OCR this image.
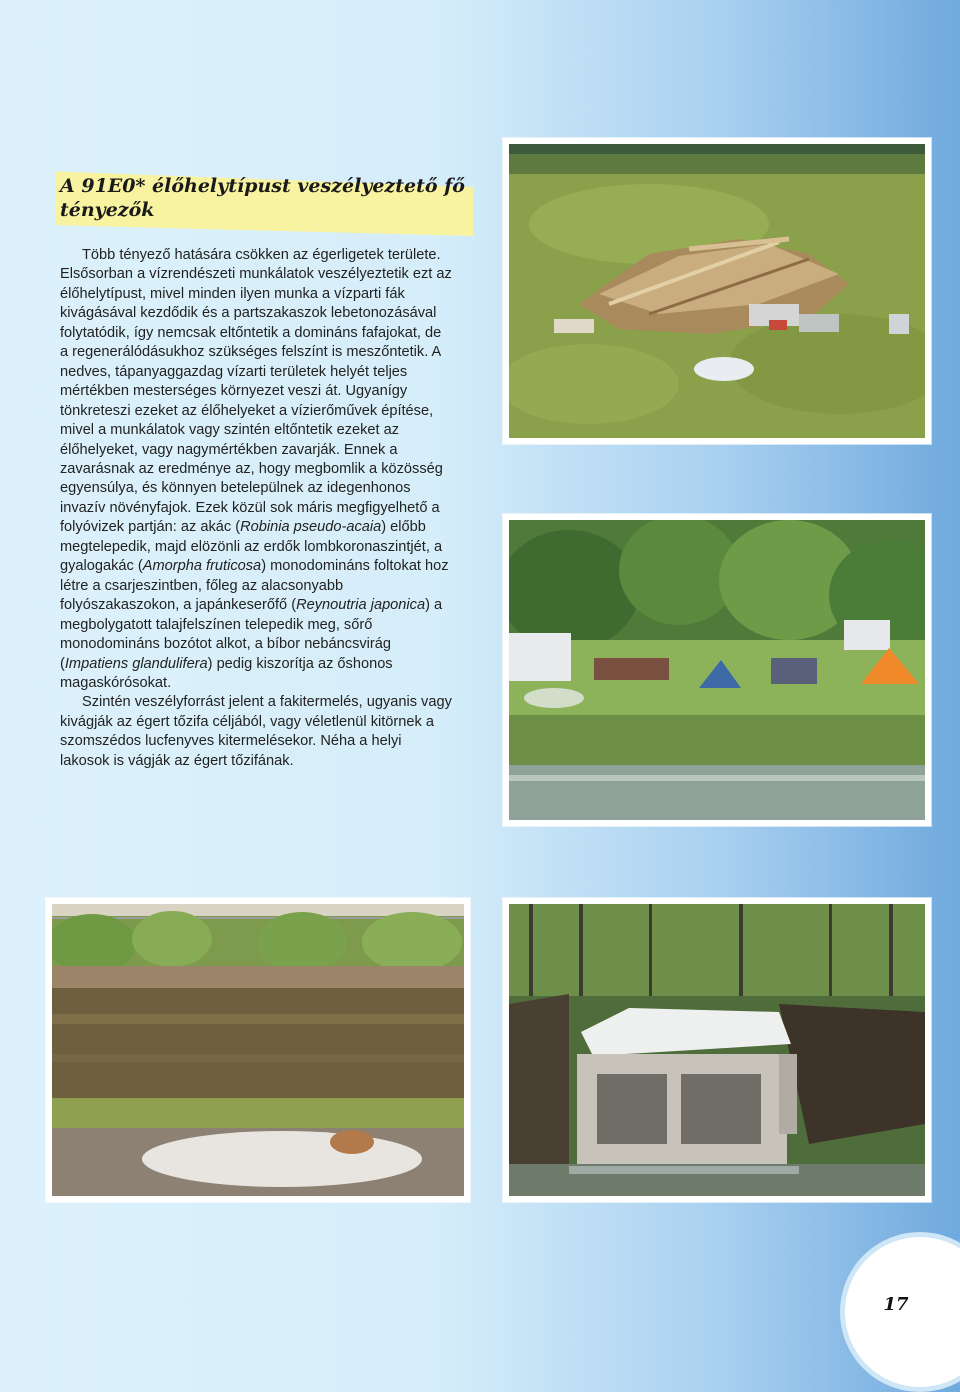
A 91E0* élőhelytípust veszélyeztető fő
tényezők

Több tényező hatására csökken az égerligetek területe. Elsősorban a vízrendészeti munkálatok veszélyeztetik ezt az élőhelytípust, mivel minden ilyen munka a vízparti fák kivágásával kezdődik és a partszakaszok lebetonozásával folytatódik, így nemcsak eltőntetik a domináns fafajokat, de a regenerálódásukhoz szükséges felszínt is meszőntetik. A nedves, tápanyaggazdag vízarti területek helyét teljes mértékben mesterséges környezet veszi át. Ugyanígy tönkreteszi ezeket az élőhelyeket a vízierőművek építése, mivel a munkálatok vagy szintén eltőntetik ezeket az élőhelyeket, vagy nagymértékben zavarják. Ennek a zavarásnak az eredménye az, hogy megbomlik a közösség egyensúlya, és könnyen betelepülnek az idegenhonos invazív növényfajok. Ezek közül sok máris megfigyelhető a folyóvizek partján: az akác (Robinia pseudo-acaia) előbb megtelepedik, majd elözönli az erdők lombkoronaszintjét, a gyalogakác (Amorpha fruticosa) monodomináns foltokat hoz létre a csarjeszintben, főleg az alacsonyabb folyószakaszokon, a japánkeserőfő (Reynoutria japonica) a megbolygatott talajfelszínen telepedik meg, sőrő monodomináns bozótot alkot, a bíbor nebáncsvirág (Impatiens glandulifera) pedig kiszorítja az őshonos magaskórósokat.

Szintén veszélyforrást jelent a fakitermelés, ugyanis vagy kivágják az égert tőzifa céljából, vagy véletlenül kitörnek a szomszédos lucfenyves kitermelésekor. Néha a helyi lakosok is vágják az égert tőzifának.

17
